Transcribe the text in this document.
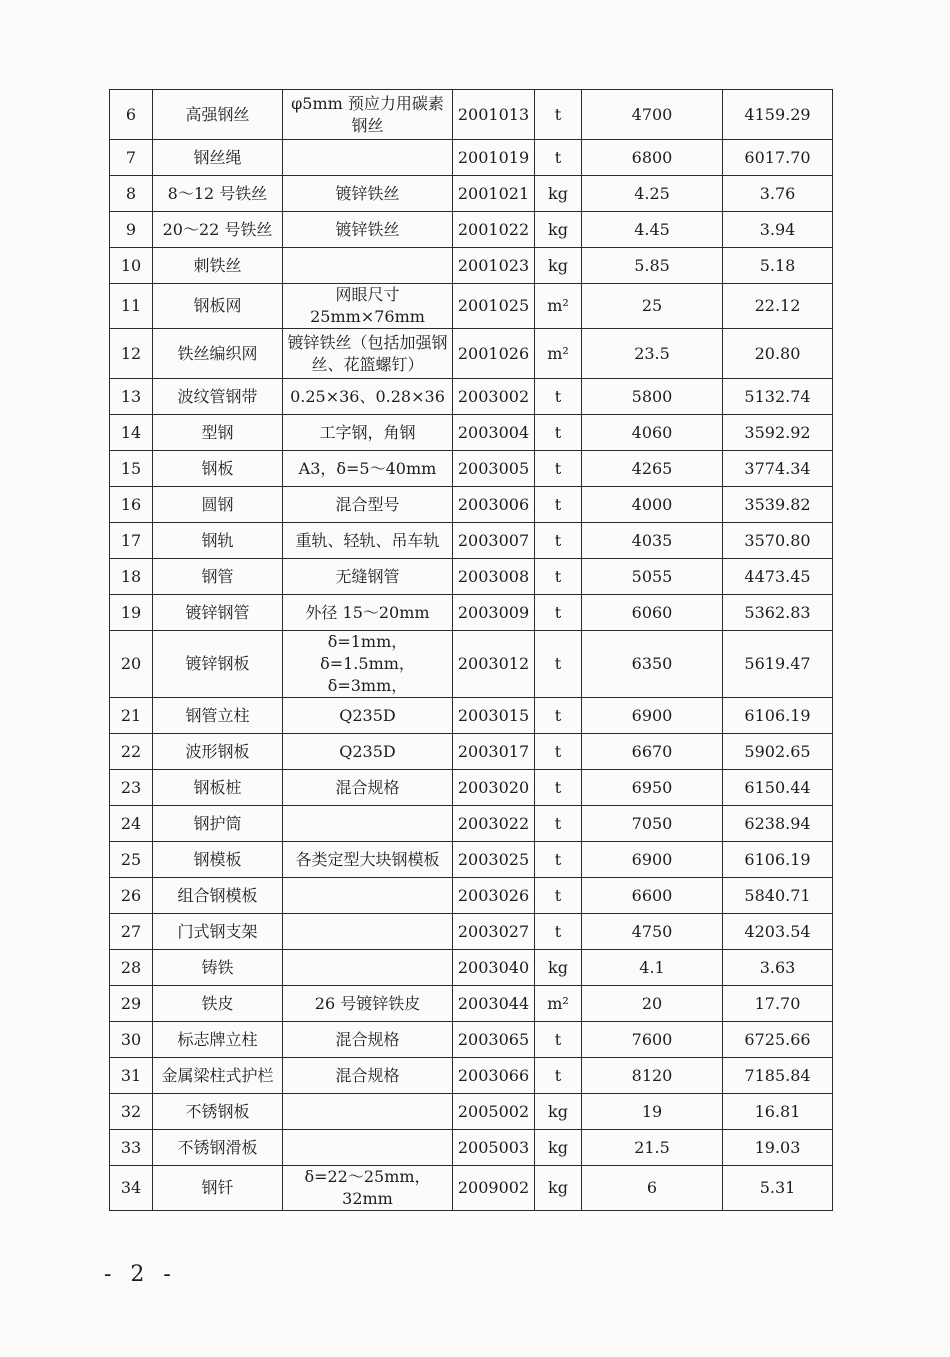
6	高强钢丝	φ5mm 预应力用碳素钢丝	2001013	t	4700	4159.29
7	钢丝绳		2001019	t	6800	6017.70
8	8～12 号铁丝	镀锌铁丝	2001021	kg	4.25	3.76
9	20～22 号铁丝	镀锌铁丝	2001022	kg	4.45	3.94
10	刺铁丝		2001023	kg	5.85	5.18
11	钢板网	网眼尺寸 25mm×76mm	2001025	m²	25	22.12
12	铁丝编织网	镀锌铁丝（包括加强钢丝、花篮螺钉）	2001026	m²	23.5	20.80
13	波纹管钢带	0.25×36、0.28×36	2003002	t	5800	5132.74
14	型钢	工字钢，角钢	2003004	t	4060	3592.92
15	钢板	A3，δ=5～40mm	2003005	t	4265	3774.34
16	圆钢	混合型号	2003006	t	4000	3539.82
17	钢轨	重轨、轻轨、吊车轨	2003007	t	4035	3570.80
18	钢管	无缝钢管	2003008	t	5055	4473.45
19	镀锌钢管	外径 15～20mm	2003009	t	6060	5362.83
20	镀锌钢板	δ=1mm， δ=1.5mm，δ=3mm，	2003012	t	6350	5619.47
21	钢管立柱	Q235D	2003015	t	6900	6106.19
22	波形钢板	Q235D	2003017	t	6670	5902.65
23	钢板桩	混合规格	2003020	t	6950	6150.44
24	钢护筒		2003022	t	7050	6238.94
25	钢模板	各类定型大块钢模板	2003025	t	6900	6106.19
26	组合钢模板		2003026	t	6600	5840.71
27	门式钢支架		2003027	t	4750	4203.54
28	铸铁		2003040	kg	4.1	3.63
29	铁皮	26 号镀锌铁皮	2003044	m²	20	17.70
30	标志牌立柱	混合规格	2003065	t	7600	6725.66
31	金属梁柱式护栏	混合规格	2003066	t	8120	7185.84
32	不锈钢板		2005002	kg	19	16.81
33	不锈钢滑板		2005003	kg	21.5	19.03
34	钢钎	δ=22～25mm，32mm	2009002	kg	6	5.31
- 2 -
